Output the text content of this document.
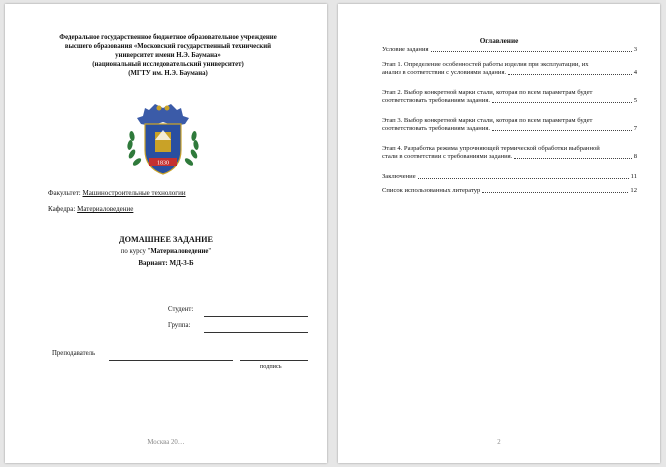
Федеральное государственное бюджетное образовательное учреждение
высшего образования «Московский государственный технический
университет имени Н.Э. Баумана»
(национальный исследовательский университет)
(МГТУ им. Н.Э. Баумана)
1830
Факультет: Машиностроительные технологии
Кафедра: Материаловедение
ДОМАШНЕЕ ЗАДАНИЕ
по курсу "Материаловедение"
Вариант: МД-3-Б
Студент:
Группа:
Преподаватель
подпись
Москва 20…
Оглавление
Условие задания	3
Этап 1. Определение особенностей работы изделия при эксплуатации, их
анализ в соответствии с условиями задания.	4
Этап 2. Выбор конкретной марки стали, которая по всем параметрам будет
соответствовать требованиям задания.	5
Этап 3. Выбор конкретной марки стали, которая по всем параметрам будет
соответствовать требованиям задания.	7
Этап 4. Разработка режима упрочняющей термической обработки выбранной
стали в соответствии с требованиями задания.	8
Заключение	11
Список использованных литератур	12
2
